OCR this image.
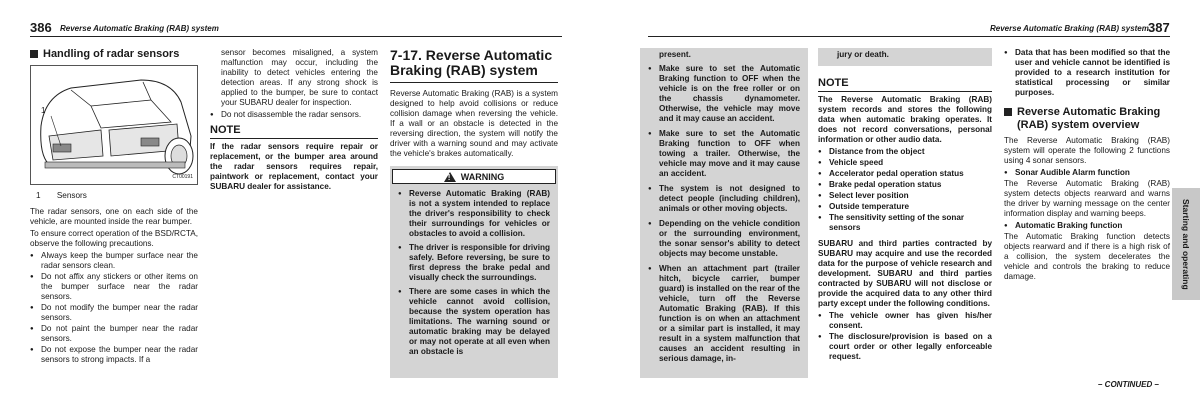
386 Reverse Automatic Braking (RAB) system
Handling of radar sensors
1
CT00191
1 Sensors

The radar sensors, one on each side of the vehicle, are mounted inside the rear bumper.

To ensure correct operation of the BSD/RCTA, observe the following precautions.

● Always keep the bumper surface near the radar sensors clean.
● Do not affix any stickers or other items on the bumper surface near the radar sensors.
● Do not modify the bumper near the radar sensors.
● Do not paint the bumper near the radar sensors.
● Do not expose the bumper near the radar sensors to strong impacts. If a

sensor becomes misaligned, a system malfunction may occur, including the inability to detect vehicles entering the detection areas. If any strong shock is applied to the bumper, be sure to contact your SUBARU dealer for inspection.

● Do not disassemble the radar sensors.
NOTE

If the radar sensors require repair or replacement, or the bumper area around the radar sensors requires repair, paintwork or replacement, contact your SUBARU dealer for assistance.

7-17. Reverse Automatic Braking (RAB) system

Reverse Automatic Braking (RAB) is a system designed to help avoid collisions or reduce collision damage when reversing the vehicle. If a wall or an obstacle is detected in the reversing direction, the system will notify the driver with a warning sound and may activate the vehicle's brakes automatically.

! WARNING
● Reverse Automatic Braking (RAB) is not a system intended to replace the driver's responsibility to check their surroundings for vehicles or obstacles to avoid a collision.
● The driver is responsible for driving safely. Before reversing, be sure to first depress the brake pedal and visually check the surroundings.
● There are some cases in which the vehicle cannot avoid collision, because the system operation has limitations. The warning sound or automatic braking may be delayed or may not operate at all even when an obstacle is
Reverse Automatic Braking (RAB) system 387

present.

● Make sure to set the Automatic Braking function to OFF when the vehicle is on the free roller or on the chassis dynamometer. Otherwise, the vehicle may move and it may cause an accident.
● Make sure to set the Automatic Braking function to OFF when towing a trailer. Otherwise, the vehicle may move and it may cause an accident.
● The system is not designed to detect people (including children), animals or other moving objects.
● Depending on the vehicle condition or the surrounding environment, the sonar sensor's ability to detect objects may become unstable.
● When an attachment part (trailer hitch, bicycle carrier, bumper guard) is installed on the rear of the vehicle, turn off the Reverse Automatic Braking (RAB). If this function is on when an attachment or a similar part is installed, it may result in a system malfunction that causes an accident resulting in serious damage, in-

jury or death.

NOTE

The Reverse Automatic Braking (RAB) system records and stores the following data when automatic braking operates. It does not record conversations, personal information or other audio data.

● Distance from the object
● Vehicle speed
● Accelerator pedal operation status
● Brake pedal operation status
● Select lever position
● Outside temperature
● The sensitivity setting of the sonar sensors

SUBARU and third parties contracted by SUBARU may acquire and use the recorded data for the purpose of vehicle research and development. SUBARU and third parties contracted by SUBARU will not disclose or provide the acquired data to any other third party except under the following conditions.

● The vehicle owner has given his/her consent.
● The disclosure/provision is based on a court order or other legally enforceable request.
● Data that has been modified so that the user and vehicle cannot be identified is provided to a research institution for statistical processing or similar purposes.
Reverse Automatic Braking (RAB) system overview

The Reverse Automatic Braking (RAB) system will operate the following 2 functions using 4 sonar sensors.

● Sonar Audible Alarm function

The Reverse Automatic Braking (RAB) system detects objects rearward and warns the driver by warning message on the center information display and warning beeps.

● Automatic Braking function

The Automatic Braking function detects objects rearward and if there is a high risk of a collision, the system decelerates the vehicle and controls the braking to reduce damage.	Starting and operating
– CONTINUED –
